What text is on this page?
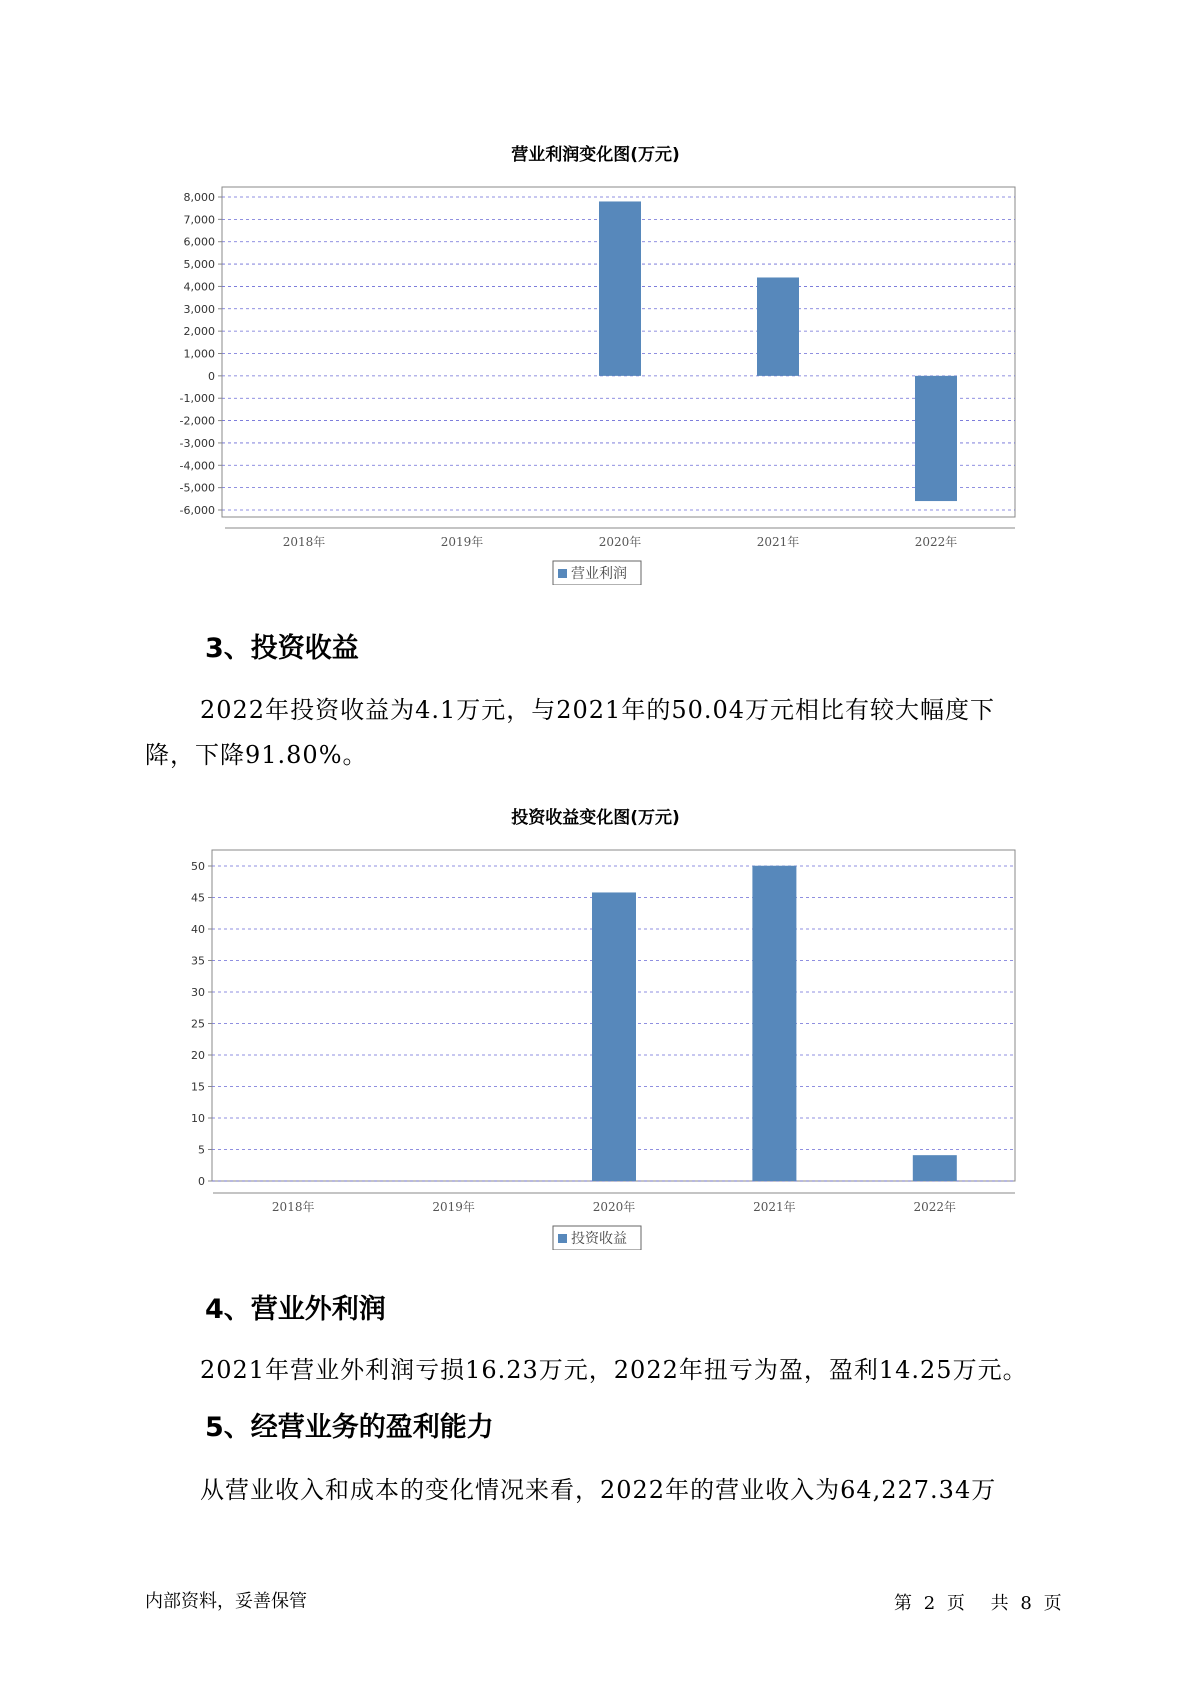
营业利润变化图(万元)
8,000
7,000
6,000
5,000
4,000
3,000
2,000
1,000
0
-1,000
-2,000
-3,000
-4,000
-5,000
-6,000
2018年	2019年	2020年	2021年	2022年
营业利润
3、投资收益

2022年投资收益为4.1万元，与2021年的50.04万元相比有较大幅度下

降，下降91.80%。

投资收益变化图(万元)
50
45
40
35
30
25
20
15
10
5
0
2018年	2019年	2020年	2021年	2022年
投资收益
4、营业外利润

2021年营业外利润亏损16.23万元，2022年扭亏为盈，盈利14.25万元。

5、经营业务的盈利能力

从营业收入和成本的变化情况来看，2022年的营业收入为64,227.34万

内部资料，妥善保管	第 2 页 共 8 页
